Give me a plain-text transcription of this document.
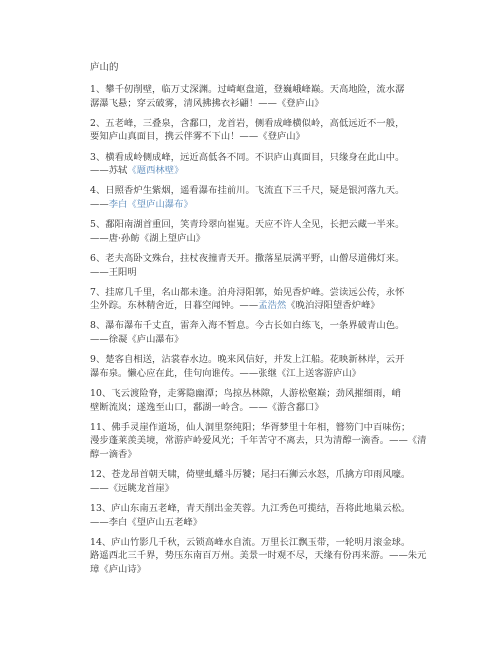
庐山的
1、攀千仞削壁，临万丈深渊。过崎岖盘道，登巍峨峰巅。天高地险，流水潺
潺瀑飞悬；穿云破雾，清风拂拂衣衫翩！——《登庐山》
2、五老峰，三叠泉，含鄱口，龙首岩，侧看成峰横似岭，高低远近不一般，
要知庐山真面目，携云伴雾不下山！——《登庐山》
3、横看成岭侧成峰，远近高低各不同。不识庐山真面目，只缘身在此山中。
——苏轼《题西林壁》
4、日照香炉生紫烟，遥看瀑布挂前川。飞流直下三千尺，疑是银河落九天。
——李白《望庐山瀑布》
5、鄱阳南湖首重回，笑青玲翠向崔嵬。天应不许人全见，长把云藏一半来。
——唐·孙鲂《湖上望庐山》
6、老夫高卧文殊台，拄杖夜撞青天开。撒落星辰满平野，山僧尽道佛灯来。
——王阳明
7、挂席几千里，名山都未逢。泊舟浔阳郭，始见香炉峰。尝读远公传，永怀
尘外踪。东林精舍近，日暮空闻钟。——孟浩然《晚泊浔阳望香炉峰》
8、瀑布瀑布千丈直，雷奔入海不暂息。今古长如白练飞，一条界破青山色。
——徐凝《庐山瀑布》
9、楚客自相送，沾裳春水边。晚来风信好，并发上江船。花映新林岸，云开
瀑布泉。懒心应在此，佳句向谁传。——张继《江上送客游庐山》
10、飞云渡险脊，走雾隐幽潭；鸟掠丛林隙，人游松壑巅；劲风摧细雨，峭
壁断流岚；遂逸至山口，鄱湖一岭含。——《游含鄱口》
11、佛手灵崖作道场，仙人洞里祭纯阳；华胥梦里十年相，簪笏门中百味伤；
漫步蓬莱羡美境，常游庐岭爱风光；千年苦守不离去，只为清醇一滴香。——《清
醇一滴香》
12、苍龙昂首朝天啸，倚壁虬蟠斗厉饕；尾扫石狮云水怒，爪擒方印雨风嚎。
——《远眺龙首崖》
13、庐山东南五老峰，青天削出金芙蓉。九江秀色可揽结，吾将此地巢云松。
——李白《望庐山五老峰》
14、庐山竹影几千秋，云锁高峰水自流。万里长江飘玉带，一轮明月滚金球。
路遥西北三千界，势压东南百万州。美景一时观不尽，天缘有份再来游。——朱元
璋《庐山诗》
